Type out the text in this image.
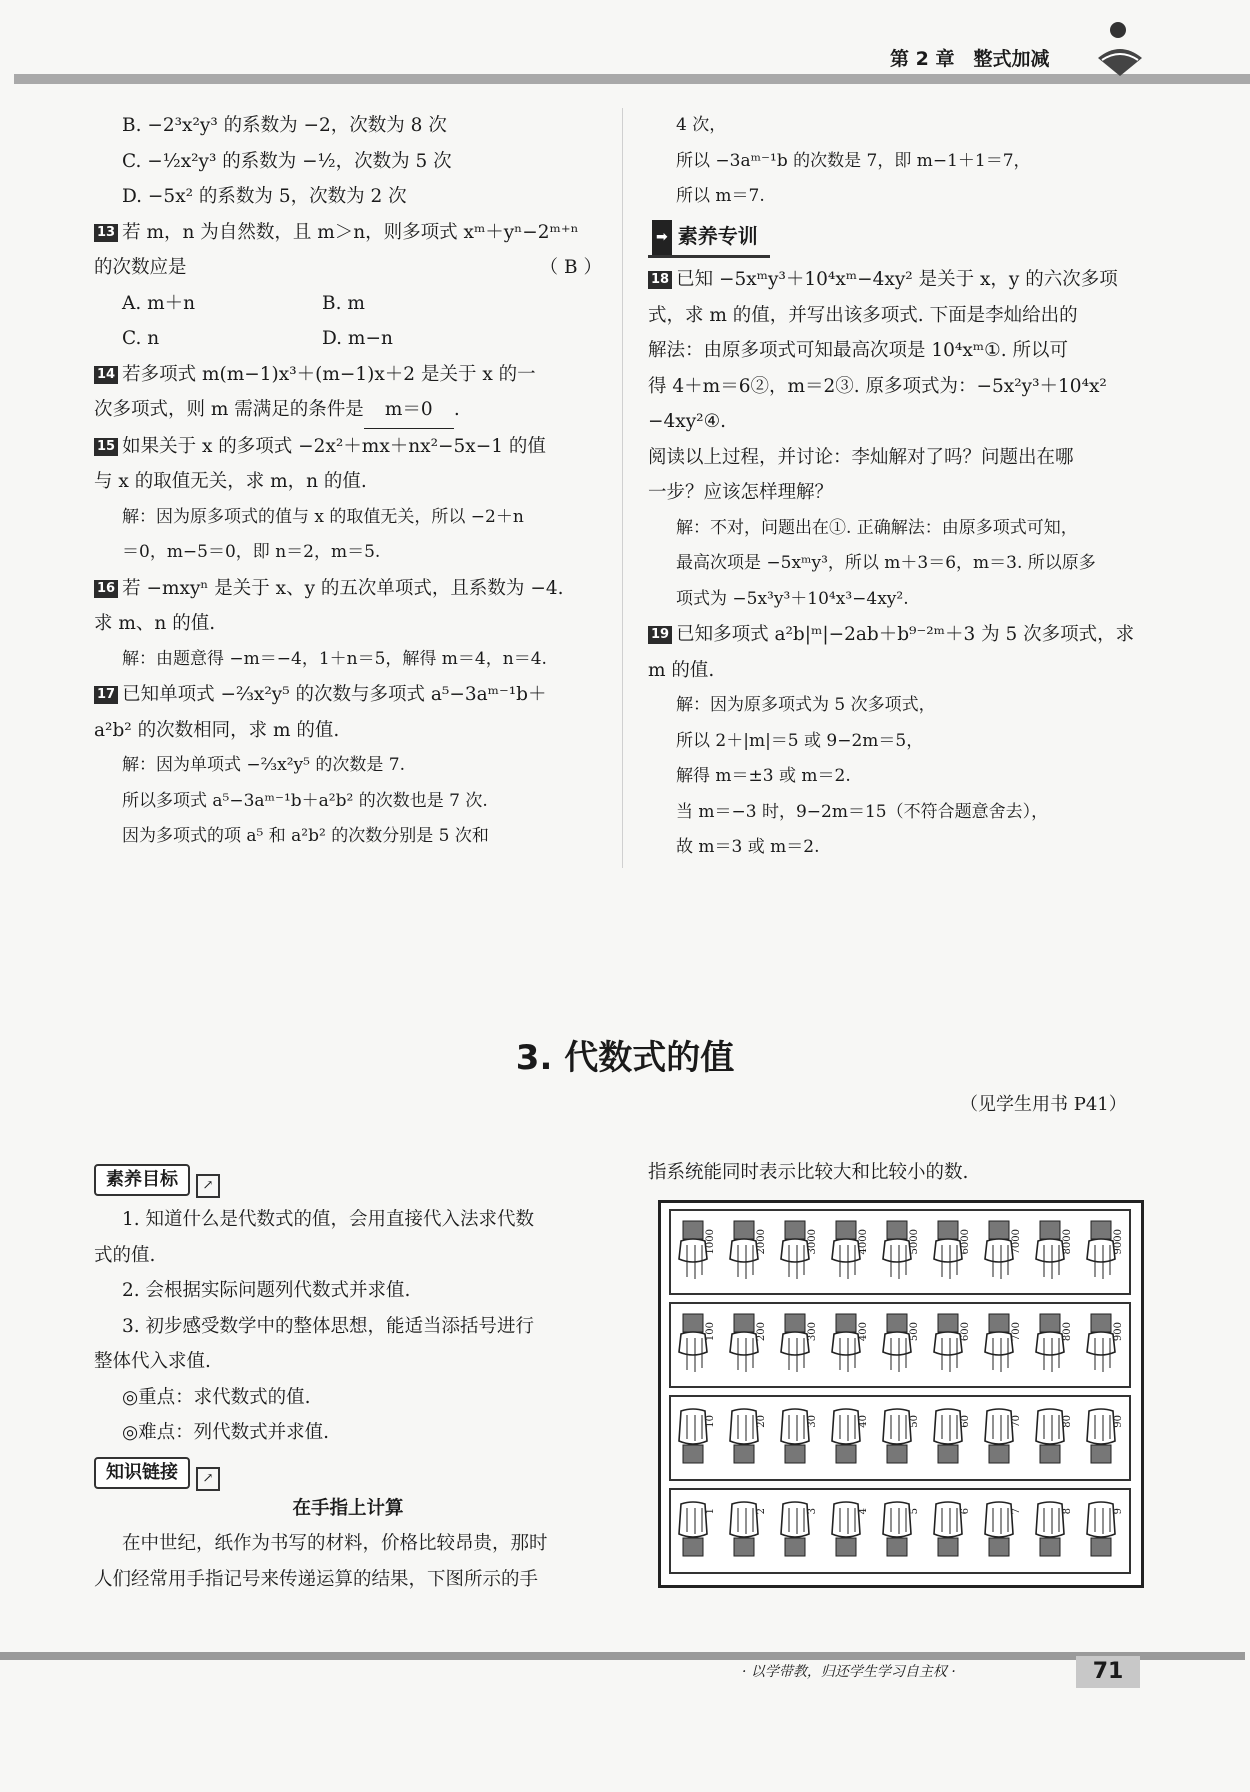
第 2 章　整式加减
B. −2³x²y³ 的系数为 −2，次数为 8 次
C. −½x²y³ 的系数为 −½，次数为 5 次
D. −5x² 的系数为 5，次数为 2 次
13 若 m，n 为自然数，且 m＞n，则多项式 xᵐ＋yⁿ−2ᵐ⁺ⁿ
的次数应是	（ B ）
A. m＋n	B. m
C. n	D. m−n
14 若多项式 m(m−1)x³＋(m−1)x＋2 是关于 x 的一
次多项式，则 m 需满足的条件是 m＝0 .
15 如果关于 x 的多项式 −2x²＋mx＋nx²−5x−1 的值
与 x 的取值无关，求 m，n 的值.
解：因为原多项式的值与 x 的取值无关，所以 −2＋n
＝0，m−5＝0，即 n＝2，m＝5.
16 若 −mxyⁿ 是关于 x、y 的五次单项式，且系数为 −4.
求 m、n 的值.
解：由题意得 −m＝−4，1＋n＝5，解得 m＝4，n＝4.
17 已知单项式 −⅔x²y⁵ 的次数与多项式 a⁵−3aᵐ⁻¹b＋
a²b² 的次数相同，求 m 的值.
解：因为单项式 −⅔x²y⁵ 的次数是 7.
所以多项式 a⁵−3aᵐ⁻¹b＋a²b² 的次数也是 7 次.
因为多项式的项 a⁵ 和 a²b² 的次数分别是 5 次和
4 次，
所以 −3aᵐ⁻¹b 的次数是 7，即 m−1＋1＝7，
所以 m＝7.
➡ 素养专训
18 已知 −5xᵐy³＋10⁴xᵐ−4xy² 是关于 x，y 的六次多项
式，求 m 的值，并写出该多项式. 下面是李灿给出的
解法：由原多项式可知最高次项是 10⁴xᵐ①. 所以可
得 4＋m＝6②，m＝2③. 原多项式为：−5x²y³＋10⁴x²
−4xy²④.
阅读以上过程，并讨论：李灿解对了吗？问题出在哪
一步？应该怎样理解？
解：不对，问题出在①. 正确解法：由原多项式可知，
最高次项是 −5xᵐy³，所以 m＋3＝6，m＝3. 所以原多
项式为 −5x³y³＋10⁴x³−4xy².
19 已知多项式 a²b|ᵐ|−2ab＋b⁹⁻²ᵐ＋3 为 5 次多项式，求
m 的值.
解：因为原多项式为 5 次多项式，
所以 2＋|m|＝5 或 9−2m＝5，
解得 m＝±3 或 m＝2.
当 m＝−3 时，9−2m＝15（不符合题意舍去），
故 m＝3 或 m＝2.
3. 代数式的值
（见学生用书 P41）
素养目标 ↗
1. 知道什么是代数式的值，会用直接代入法求代数
式的值.
2. 会根据实际问题列代数式并求值.
3. 初步感受数学中的整体思想，能适当添括号进行
整体代入求值.
◎重点：求代数式的值.
◎难点：列代数式并求值.
知识链接 ↗
在手指上计算
在中世纪，纸作为书写的材料，价格比较昂贵，那时
人们经常用手指记号来传递运算的结果，下图所示的手
指系统能同时表示比较大和比较小的数.
1000	2000	3000	4000	5000	6000	7000	8000	9000
100	200	300	400	500	600	700	800	900
10	20	30	40	50	60	70	80	90
1	2	3	4	5	6	7	8	9
· 以学带教，归还学生学习自主权 ·	71
